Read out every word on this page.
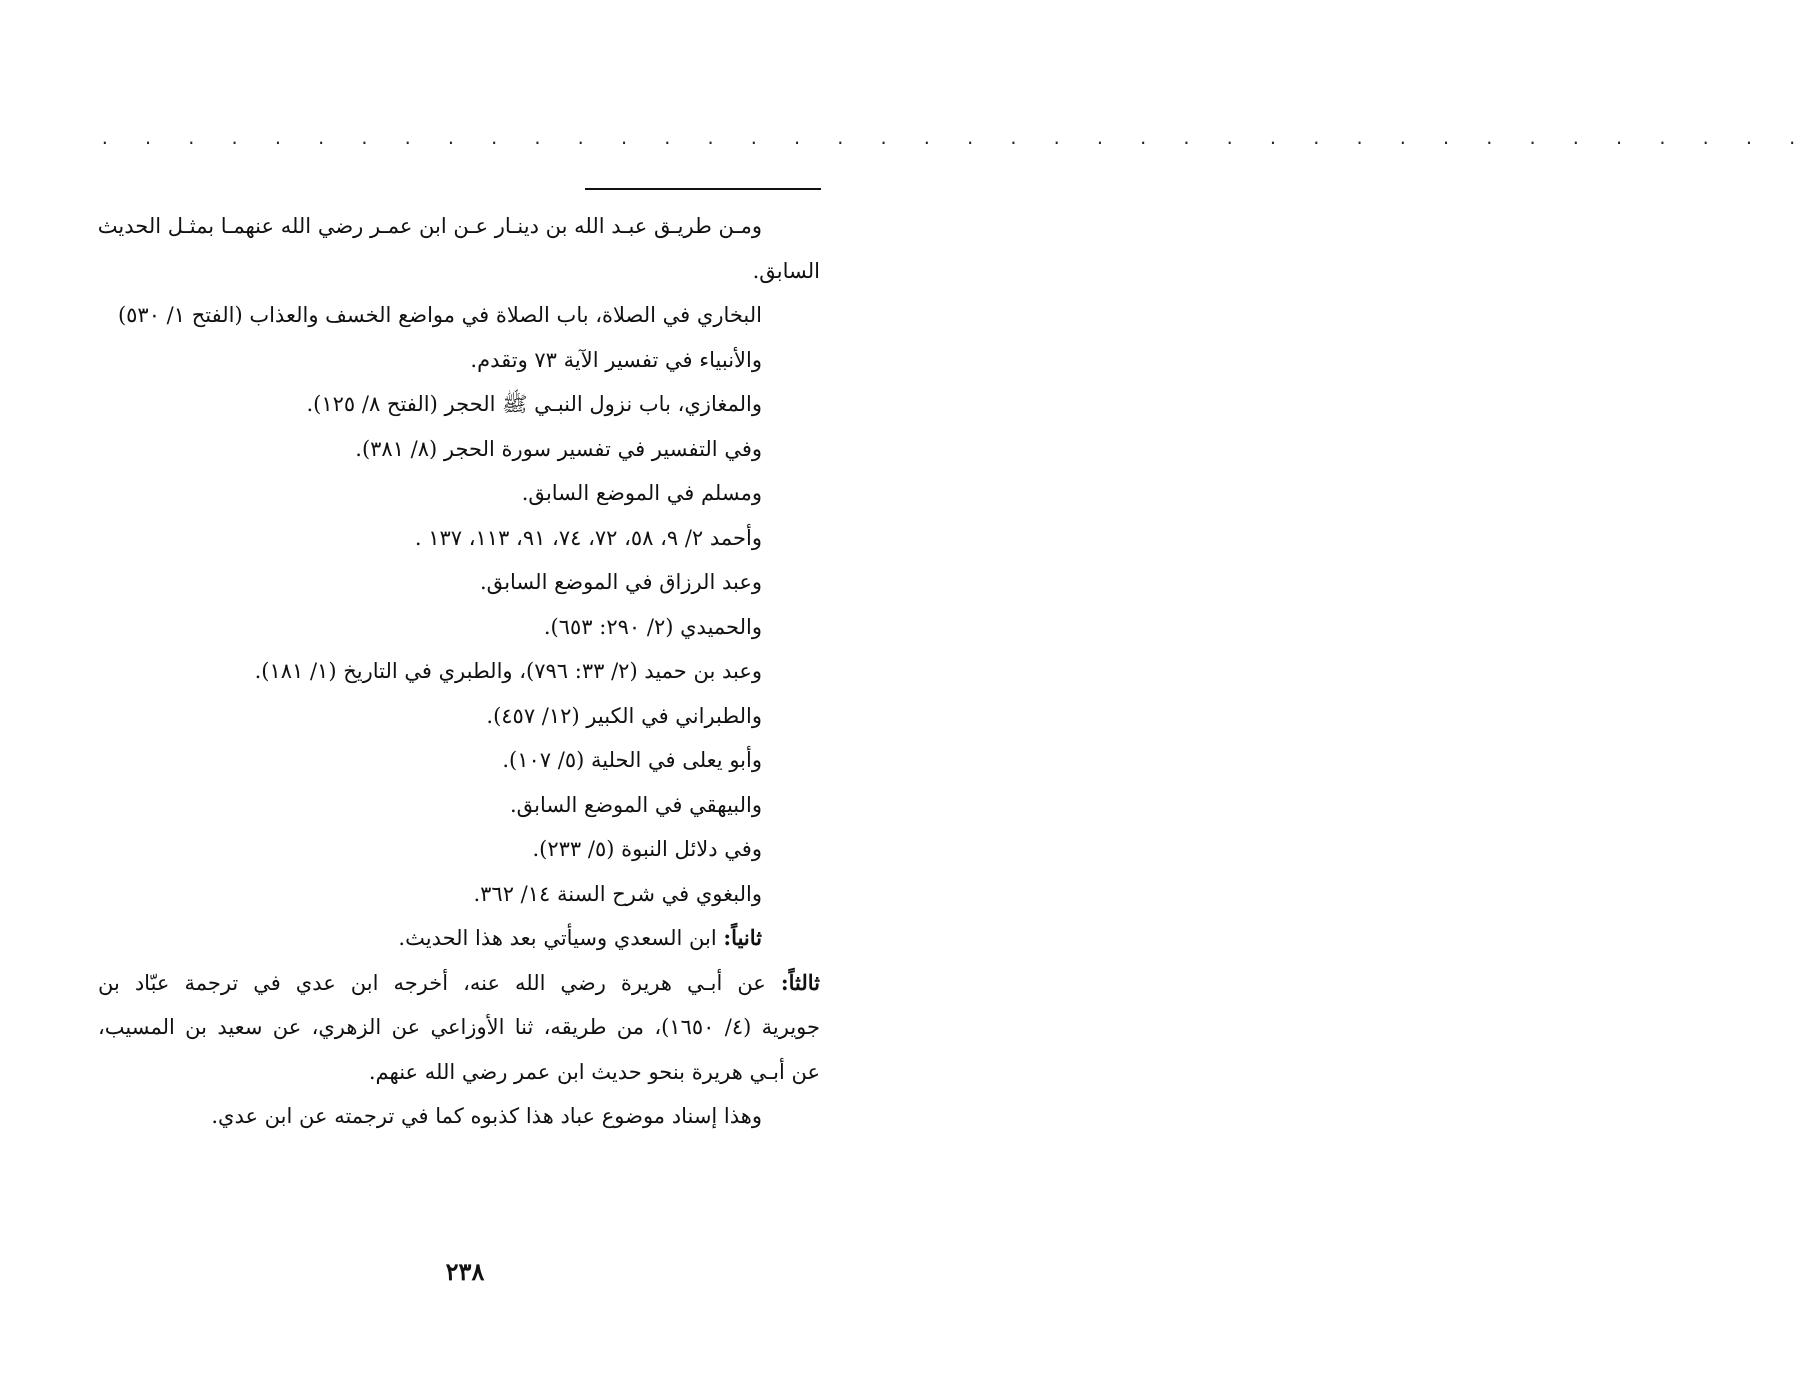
. . . . . . . . . . . . . . . . . . . . . . . . . . . . . . . . . . . . . . . .

ومـن طريـق عبـد الله بن دينـار عـن ابن عمـر رضي الله عنهمـا بمثـل الحديث

السابق.

البخاري في الصلاة، باب الصلاة في مواضع الخسف والعذاب (الفتح ١/ ٥٣٠)

والأنبياء في تفسير الآية ٧٣ وتقدم.

والمغازي، باب نزول النبـي ﷺ الحجر (الفتح ٨/ ١٢٥).

وفي التفسير في تفسير سورة الحجر (٨/ ٣٨١).

ومسلم في الموضع السابق.

وأحمد ٢/ ٩، ٥٨، ٧٢، ٧٤، ٩١، ١١٣، ١٣٧ .

وعبد الرزاق في الموضع السابق.

والحميدي (٢/ ٢٩٠: ٦٥٣).

وعبد بن حميد (٢/ ٣٣: ٧٩٦)، والطبري في التاريخ (١/ ١٨١).

والطبراني في الكبير (١٢/ ٤٥٧).

وأبو يعلى في الحلية (٥/ ١٠٧).

والبيهقي في الموضع السابق.

وفي دلائل النبوة (٥/ ٢٣٣).

والبغوي في شرح السنة ١٤/ ٣٦٢.

ثانياً: ابن السعدي وسيأتي بعد هذا الحديث.

ثالثاً: عن أبـي هريرة رضي الله عنه، أخرجه ابن عدي في ترجمة عبّاد بن

جويرية (٤/ ١٦٥٠)، من طريقه، ثنا الأوزاعي عن الزهري، عن سعيد بن المسيب،

عن أبـي هريرة بنحو حديث ابن عمر رضي الله عنهم.

وهذا إسناد موضوع عباد هذا كذبوه كما في ترجمته عن ابن عدي.

٢٣٨
